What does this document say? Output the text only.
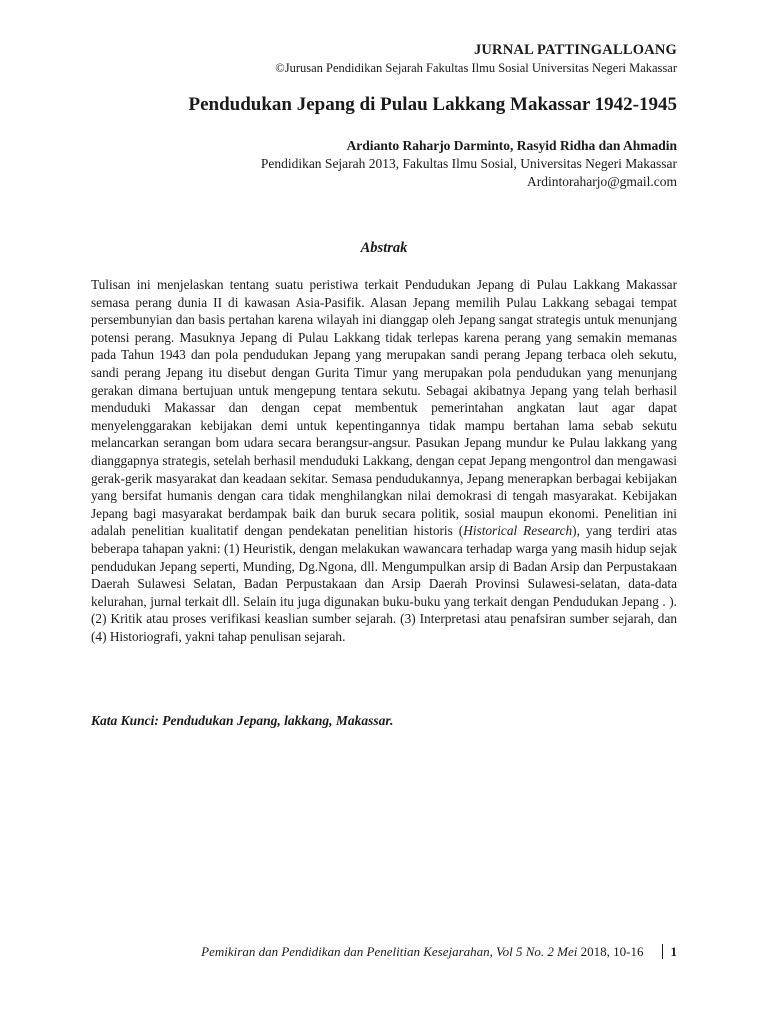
JURNAL PATTINGALLOANG
©Jurusan Pendidikan Sejarah Fakultas Ilmu Sosial Universitas Negeri Makassar
Pendudukan Jepang di Pulau Lakkang Makassar 1942-1945
Ardianto Raharjo Darminto, Rasyid Ridha dan Ahmadin
Pendidikan Sejarah 2013, Fakultas Ilmu Sosial, Universitas Negeri Makassar
Ardintoraharjo@gmail.com
Abstrak

Tulisan ini menjelaskan tentang suatu peristiwa terkait Pendudukan Jepang di Pulau Lakkang Makassar semasa perang dunia II di kawasan Asia-Pasifik. Alasan Jepang memilih Pulau Lakkang sebagai tempat persembunyian dan basis pertahan karena wilayah ini dianggap oleh Jepang sangat strategis untuk menunjang potensi perang. Masuknya Jepang di Pulau Lakkang tidak terlepas karena perang yang semakin memanas pada Tahun 1943 dan pola pendudukan Jepang yang merupakan sandi perang Jepang terbaca oleh sekutu, sandi perang Jepang itu disebut dengan Gurita Timur yang merupakan pola pendudukan yang menunjang gerakan dimana bertujuan untuk mengepung tentara sekutu. Sebagai akibatnya Jepang yang telah berhasil menduduki Makassar dan dengan cepat membentuk pemerintahan angkatan laut agar dapat menyelenggarakan kebijakan demi untuk kepentingannya tidak mampu bertahan lama sebab sekutu melancarkan serangan bom udara secara berangsur-angsur. Pasukan Jepang mundur ke Pulau lakkang yang dianggapnya strategis, setelah berhasil menduduki Lakkang, dengan cepat Jepang mengontrol dan mengawasi gerak-gerik masyarakat dan keadaan sekitar. Semasa pendudukannya, Jepang menerapkan berbagai kebijakan yang bersifat humanis dengan cara tidak menghilangkan nilai demokrasi di tengah masyarakat. Kebijakan Jepang bagi masyarakat berdampak baik dan buruk secara politik, sosial maupun ekonomi. Penelitian ini adalah penelitian kualitatif dengan pendekatan penelitian historis (Historical Research), yang terdiri atas beberapa tahapan yakni: (1) Heuristik, dengan melakukan wawancara terhadap warga yang masih hidup sejak pendudukan Jepang seperti, Munding, Dg.Ngona, dll. Mengumpulkan arsip di Badan Arsip dan Perpustakaan Daerah Sulawesi Selatan, Badan Perpustakaan dan Arsip Daerah Provinsi Sulawesi-selatan, data-data kelurahan, jurnal terkait dll. Selain itu juga digunakan buku-buku yang terkait dengan Pendudukan Jepang . ). (2) Kritik atau proses verifikasi keaslian sumber sejarah. (3) Interpretasi atau penafsiran sumber sejarah, dan (4) Historiografi, yakni tahap penulisan sejarah.

Kata Kunci: Pendudukan Jepang, lakkang, Makassar.

Pemikiran dan Pendidikan dan Penelitian Kesejarahan, Vol 5 No. 2 Mei 2018, 10-16 1
